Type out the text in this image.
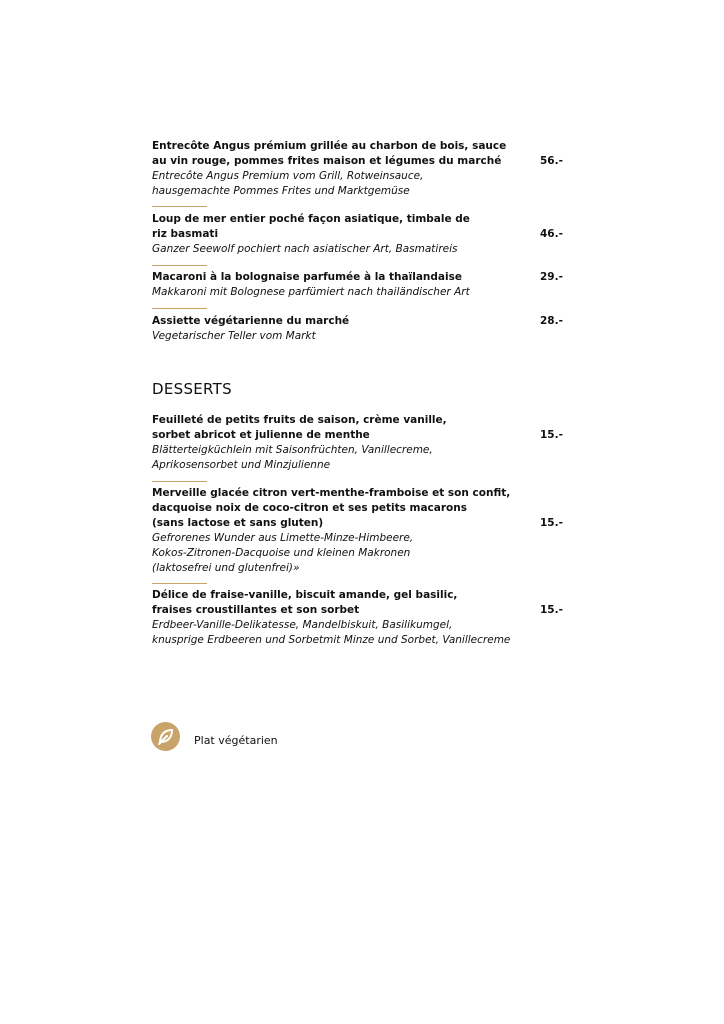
Entrecôte Angus prémium grillée au charbon de bois, sauce
au vin rouge, pommes frites maison et légumes du marché
Entrecôte Angus Premium vom Grill, Rotweinsauce,
hausgemachte Pommes Frites und Marktgemüse
56.-
Loup de mer entier poché façon asiatique, timbale de
riz basmati
Ganzer Seewolf pochiert nach asiatischer Art, Basmatireis
46.-
Macaroni à la bolognaise parfumée à la thaïlandaise
Makkaroni mit Bolognese parfümiert nach thailändischer Art
29.-
Assiette végétarienne du marché
Vegetarischer Teller vom Markt
28.-
DESSERTS
Feuilleté de petits fruits de saison, crème vanille,
sorbet abricot et julienne de menthe
Blätterteigküchlein mit Saisonfrüchten, Vanillecreme,
Aprikosensorbet und Minzjulienne
15.-
Merveille glacée citron vert-menthe-framboise et son confit,
dacquoise noix de coco-citron et ses petits macarons
(sans lactose et sans gluten)
Gefrorenes Wunder aus Limette-Minze-Himbeere,
Kokos-Zitronen-Dacquoise und kleinen Makronen
(laktosefrei und glutenfrei)»
15.-
Délice de fraise-vanille, biscuit amande, gel basilic,
fraises croustillantes et son sorbet
Erdbeer-Vanille-Delikatesse, Mandelbiskuit, Basilikumgel,
knusprige Erdbeeren und Sorbetmit Minze und Sorbet, Vanillecreme
15.-
Plat végétarien
